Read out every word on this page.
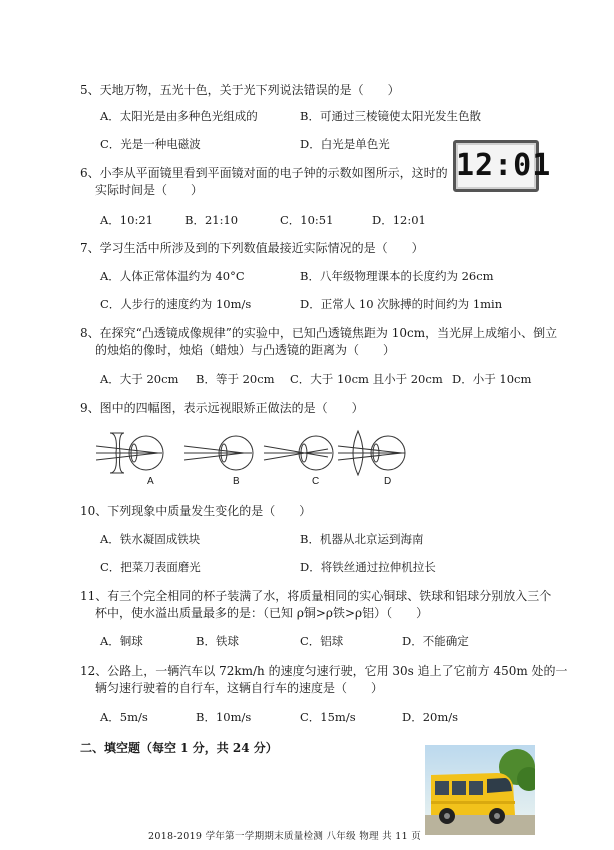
5、天地万物，五光十色，关于光下列说法错误的是（　　）
A．太阳光是由多种色光组成的	B．可通过三棱镜使太阳光发生色散
C．光是一种电磁波	D．白光是单色光
6、小李从平面镜里看到平面镜对面的电子钟的示数如图所示，这时的
实际时间是（　　）
12:01
A．10:21	B．21:10	C．10:51	D．12:01
7、学习生活中所涉及到的下列数值最接近实际情况的是（　　）
A．人体正常体温约为 40°C	B．八年级物理课本的长度约为 26cm
C．人步行的速度约为 10m/s	D．正常人 10 次脉搏的时间约为 1min
8、在探究“凸透镜成像规律”的实验中，已知凸透镜焦距为 10cm，当光屏上成缩小、倒立
的烛焰的像时，烛焰（蜡烛）与凸透镜的距离为（　　）
A．大于 20cm B．等于 20cm C．大于 10cm 且小于 20cm D．小于 10cm
9、图中的四幅图，表示远视眼矫正做法的是（　　）
A	B	C	D
10、下列现象中质量发生变化的是（　　）
A．铁水凝固成铁块	B．机器从北京运到海南
C．把菜刀表面磨光	D．将铁丝通过拉伸机拉长
11、有三个完全相同的杯子装满了水，将质量相同的实心铜球、铁球和铝球分别放入三个
杯中，使水溢出质量最多的是：（已知 ρ铜>ρ铁>ρ铝）（　　）
A．铜球	B．铁球	C．铝球	D．不能确定
12、公路上，一辆汽车以 72km/h 的速度匀速行驶，它用 30s 追上了它前方 450m 处的一
辆匀速行驶着的自行车，这辆自行车的速度是（　　）
A．5m/s	B．10m/s	C．15m/s	D．20m/s
二、填空题（每空 1 分，共 24 分）
2018-2019 学年第一学期期末质量检测 八年级 物理 共 11 页
